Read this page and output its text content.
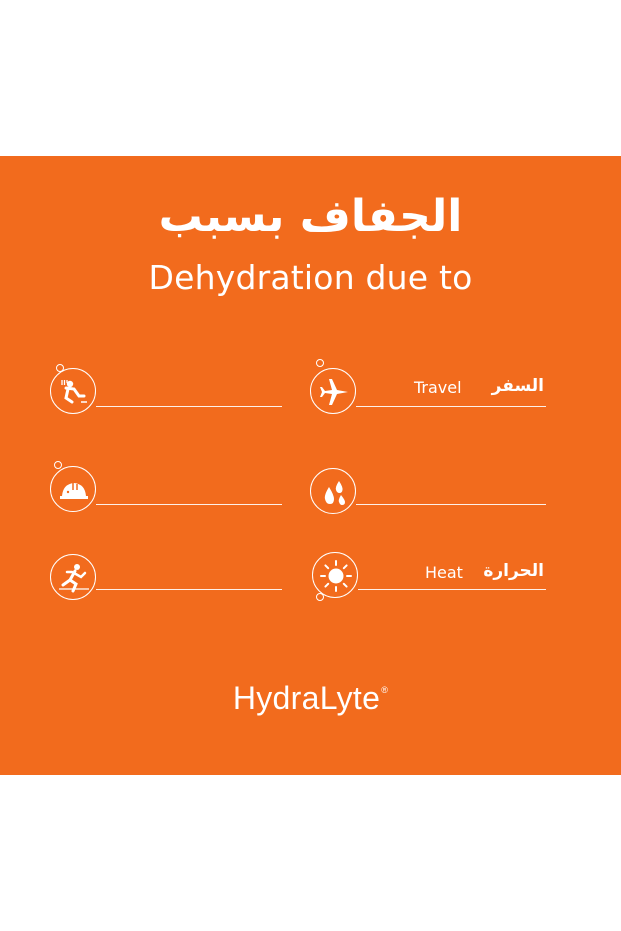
الجفاف بسبب
Dehydration due to
Travel	السفر
Heat	الحرارة
HydraLyte®
